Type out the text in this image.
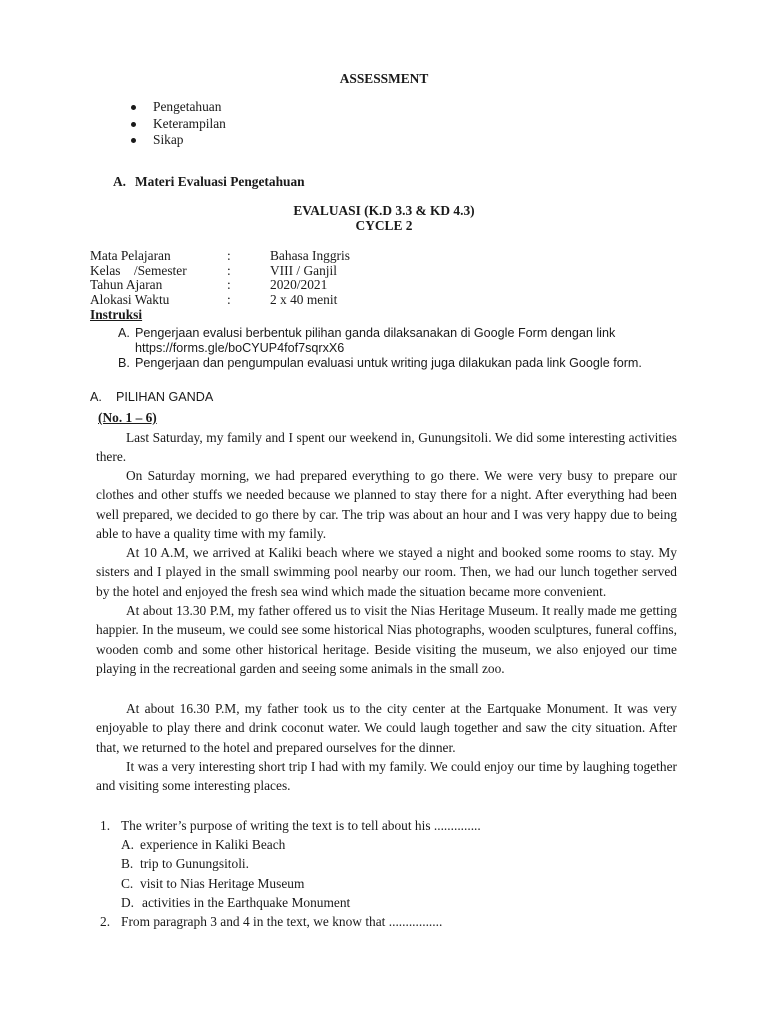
ASSESSMENT
Pengetahuan
Keterampilan
Sikap
A. Materi Evaluasi Pengetahuan
EVALUASI (K.D 3.3 & KD 4.3)
CYCLE 2
Mata Pelajaran	:	Bahasa Inggris
Kelas    /Semester	:	VIII / Ganjil
Tahun Ajaran	:	2020/2021
Alokasi Waktu	:	2 x 40 menit
Instruksi
A. Pengerjaan evalusi berbentuk pilihan ganda dilaksanakan di Google Form dengan link
https://forms.gle/boCYUP4fof7sqrxX6
B. Pengerjaan dan pengumpulan evaluasi untuk writing juga dilakukan pada link Google form.
A. PILIHAN GANDA
(No. 1 – 6)
Last Saturday, my family and I spent our weekend in, Gunungsitoli. We did some interesting activities there.
On Saturday morning, we had prepared everything to go there. We were very busy to prepare our clothes and other stuffs we needed because we planned to stay there for a night. After everything had been well prepared, we decided to go there by car. The trip was about an hour and I was very happy due to being able to have a quality time with my family.
At 10 A.M, we arrived at Kaliki beach where we stayed a night and booked some rooms to stay. My sisters and I played in the small swimming pool nearby our room. Then, we had our lunch together served by the hotel and enjoyed the fresh sea wind which made the situation became more convenient.
At about 13.30 P.M, my father offered us to visit the Nias Heritage Museum. It really made me getting happier. In the museum, we could see some historical Nias photographs, wooden sculptures, funeral coffins, wooden comb and some other historical heritage. Beside visiting the museum, we also enjoyed our time playing in the recreational garden and seeing some animals in the small zoo.
At about 16.30 P.M, my father took us to the city center at the Eartquake Monument. It was very enjoyable to play there and drink coconut water. We could laugh together and saw the city situation. After that, we returned to the hotel and prepared ourselves for the dinner.
It was a very interesting short trip I had with my family. We could enjoy our time by laughing together and visiting some interesting places.
1. The writer’s purpose of writing the text is to tell about his ..............
A. experience in Kaliki Beach
B. trip to Gunungsitoli.
C. visit to Nias Heritage Museum
D. activities in the Earthquake Monument
2. From paragraph 3 and 4 in the text, we know that ................
